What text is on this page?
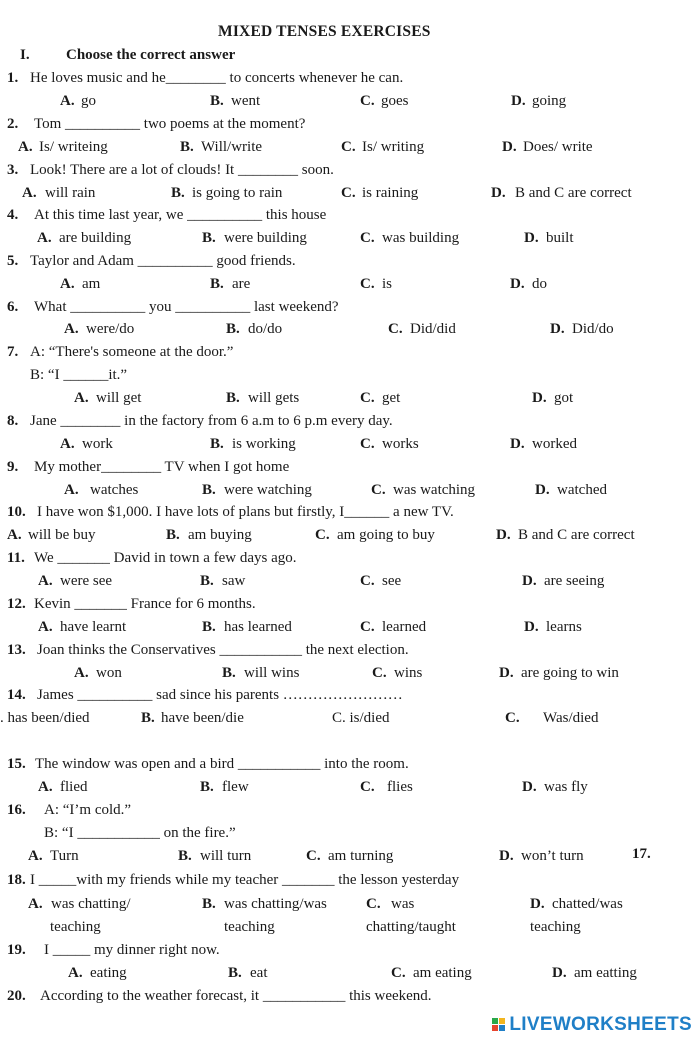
MIXED TENSES EXERCISES
I. Choose the correct answer
1. He loves music and he________ to concerts whenever he can.
A. go	B. went	C. goes	D. going
2. Tom __________ two poems at the moment?
A. Is/ writeing	B. Will/write	C. Is/ writing	D. Does/ write
3. Look! There are a lot of clouds! It ________ soon.
A. will rain	B. is going to rain	C. is raining	D. B and C are correct
4. At this time last year, we __________ this house
A. are building	B. were building	C. was building	D. built
5. Taylor and Adam __________ good friends.
A. am	B. are	C. is	D. do
6. What __________ you __________ last weekend?
A. were/do	B. do/do	C. Did/did	D. Did/do
7. A: “There's someone at the door.”
B: “I ______it.”
A. will get	B. will gets	C. get	D. got
8. Jane ________ in the factory from 6 a.m to 6 p.m every day.
A. work	B. is working	C. works	D. worked
9. My mother________ TV when I got home
A. watches	B. were watching	C. was watching	D. watched
10. I have won $1,000. I have lots of plans but firstly, I______ a new TV.
A. will be buy	B. am buying	C. am going to buy	D. B and C are correct
11. We _______ David in town a few days ago.
A. were see	B. saw	C. see	D. are seeing
12. Kevin _______ France for 6 months.
A. have learnt	B. has learned	C. learned	D. learns
13. Joan thinks the Conservatives ___________ the next election.
A. won	B. will wins	C. wins	D. are going to win
14. James __________ sad since his parents ……………………
. has been/died	B. have been/die	C. is/died	C. Was/died
15. The window was open and a bird ___________ into the room.
A. flied	B. flew	C. flies	D. was fly
16. A: “I’m cold.”
B: “I ___________ on the fire.”
A. Turn	B. will turn	C. am turning	D. won’t turn	17.
18. I _____with my friends while my teacher _______ the lesson yesterday
A. was chatting/
teaching
B. was chatting/was
teaching
C. was
chatting/taught
D. chatted/was
teaching
19. I _____ my dinner right now.
A. eating	B. eat	C. am eating	D. am eatting
20. According to the weather forecast, it ___________ this weekend.
LIVEWORKSHEETS
